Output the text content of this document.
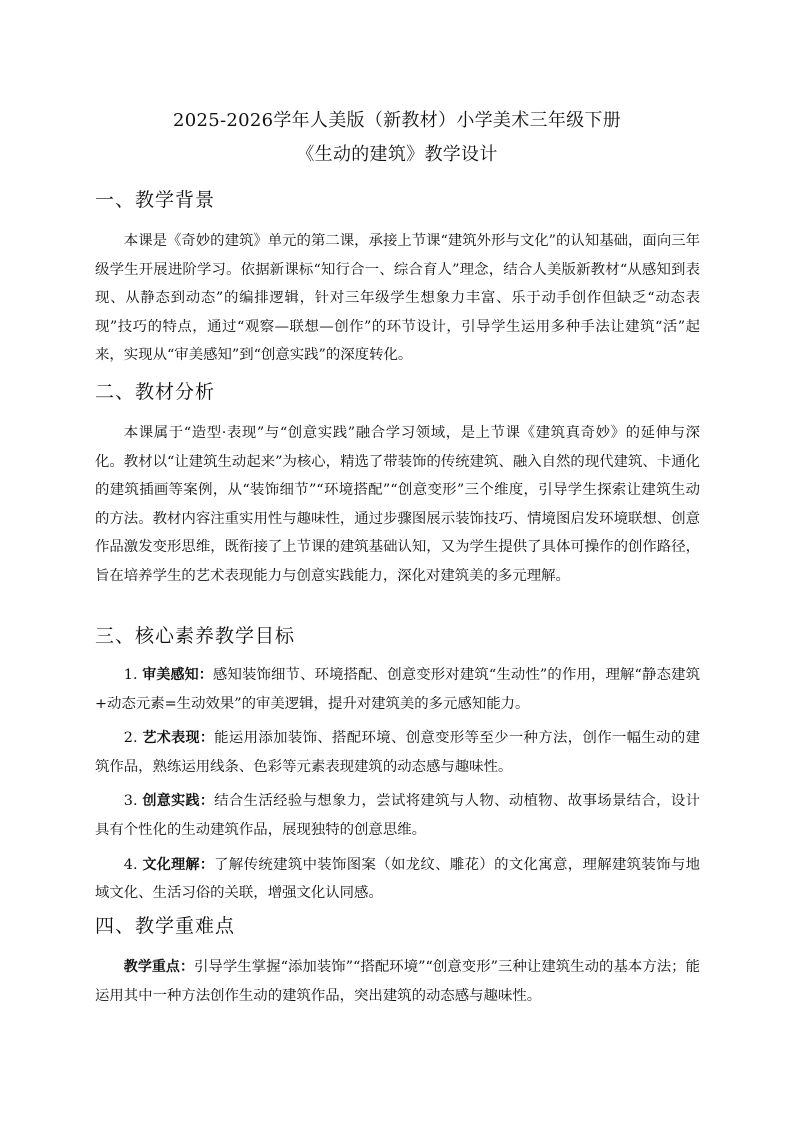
2025-2026学年人美版（新教材）小学美术三年级下册
《生动的建筑》教学设计
一、教学背景

本课是《奇妙的建筑》单元的第二课，承接上节课“建筑外形与文化”的认知基础，面向三年级学生开展进阶学习。依据新课标“知行合一、综合育人”理念，结合人美版新教材“从感知到表现、从静态到动态”的编排逻辑，针对三年级学生想象力丰富、乐于动手创作但缺乏“动态表现”技巧的特点，通过“观察—联想—创作”的环节设计，引导学生运用多种手法让建筑“活”起来，实现从“审美感知”到“创意实践”的深度转化。

二、教材分析

本课属于“造型·表现”与“创意实践”融合学习领域，是上节课《建筑真奇妙》的延伸与深化。教材以“让建筑生动起来”为核心，精选了带装饰的传统建筑、融入自然的现代建筑、卡通化的建筑插画等案例，从“装饰细节”“环境搭配”“创意变形”三个维度，引导学生探索让建筑生动的方法。教材内容注重实用性与趣味性，通过步骤图展示装饰技巧、情境图启发环境联想、创意作品激发变形思维，既衔接了上节课的建筑基础认知，又为学生提供了具体可操作的创作路径，旨在培养学生的艺术表现能力与创意实践能力，深化对建筑美的多元理解。

三、核心素养教学目标

1. 审美感知：感知装饰细节、环境搭配、创意变形对建筑“生动性”的作用，理解“静态建筑+动态元素=生动效果”的审美逻辑，提升对建筑美的多元感知能力。

2. 艺术表现：能运用添加装饰、搭配环境、创意变形等至少一种方法，创作一幅生动的建筑作品，熟练运用线条、色彩等元素表现建筑的动态感与趣味性。

3. 创意实践：结合生活经验与想象力，尝试将建筑与人物、动植物、故事场景结合，设计具有个性化的生动建筑作品，展现独特的创意思维。

4. 文化理解：了解传统建筑中装饰图案（如龙纹、雕花）的文化寓意，理解建筑装饰与地域文化、生活习俗的关联，增强文化认同感。

四、教学重难点

教学重点：引导学生掌握“添加装饰”“搭配环境”“创意变形”三种让建筑生动的基本方法；能运用其中一种方法创作生动的建筑作品，突出建筑的动态感与趣味性。
